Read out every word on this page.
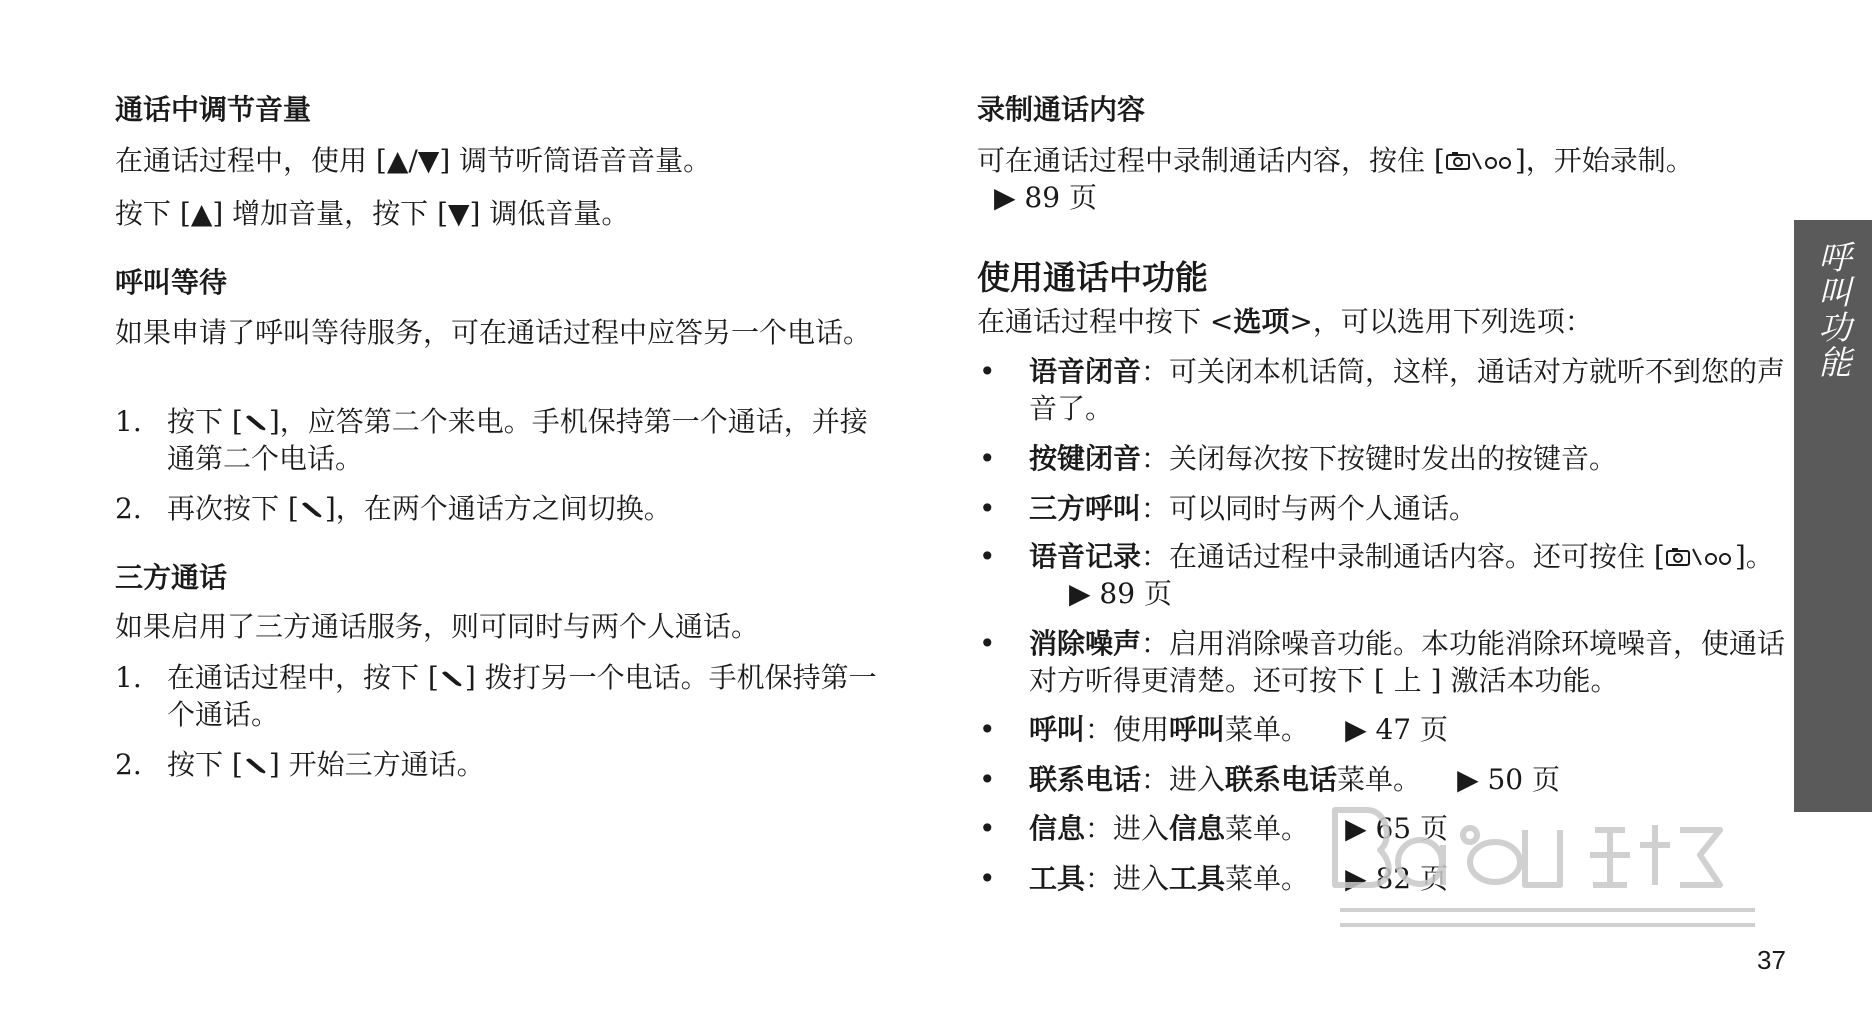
通话中调节音量
在通话过程中，使用 [▲/▼] 调节听筒语音音量。
按下 [▲] 增加音量，按下 [▼] 调低音量。
呼叫等待
如果申请了呼叫等待服务，可在通话过程中应答另一个电话。
1. 按下 [ ]，应答第二个来电。手机保持第一个通话，并接通第二个电话。
2. 再次按下 [ ]，在两个通话方之间切换。
三方通话
如果启用了三方通话服务，则可同时与两个人通话。
1. 在通话过程中，按下 [ ] 拨打另一个电话。手机保持第一个通话。
2. 按下 [ ] 开始三方通话。
录制通话内容
可在通话过程中录制通话内容，按住 [	]，开始录制。
▶ 89 页
使用通话中功能
在通话过程中按下 <选项>，可以选用下列选项：
• 语音闭音：可关闭本机话筒，这样，通话对方就听不到您的声音了。
• 按键闭音：关闭每次按下按键时发出的按键音。
• 三方呼叫：可以同时与两个人通话。
• 语音记录：在通话过程中录制通话内容。还可按住 [	]。▶ 89 页
• 消除噪声：启用消除噪音功能。本功能消除环境噪音，使通话对方听得更清楚。还可按下 [ 上 ] 激活本功能。
• 呼叫：使用呼叫菜单。 ▶ 47 页
• 联系电话：进入联系电话菜单。 ▶ 50 页
• 信息：进入信息菜单。 ▶ 65 页
• 工具：进入工具菜单。 ▶ 82 页
呼叫功能
37
